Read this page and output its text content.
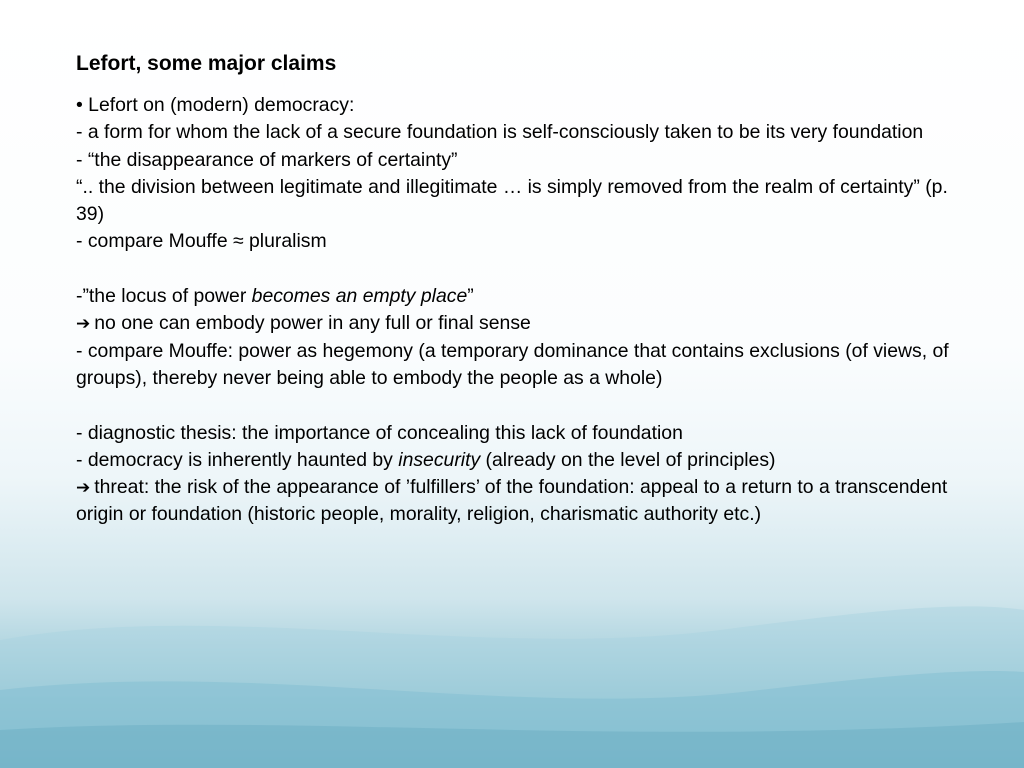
Lefort, some major claims

• Lefort on (modern) democracy:

- a form for whom the lack of a secure foundation is self-consciously taken to be its very foundation

- “the disappearance of markers of certainty”

“.. the division between legitimate and illegitimate … is simply removed from the realm of certainty” (p. 39)

- compare Mouffe ≈ pluralism

-”the locus of power becomes an empty place”

➔ no one can embody power in any full or final sense

- compare Mouffe: power as hegemony (a temporary dominance that contains exclusions (of views, of groups), thereby never being able to embody the people as a whole)

- diagnostic thesis: the importance of concealing this lack of foundation

- democracy is inherently haunted by insecurity (already on the level of principles)

➔ threat: the risk of the appearance of ’fulfillers’ of the foundation: appeal to a return to a transcendent origin or foundation (historic people, morality, religion, charismatic authority etc.)
